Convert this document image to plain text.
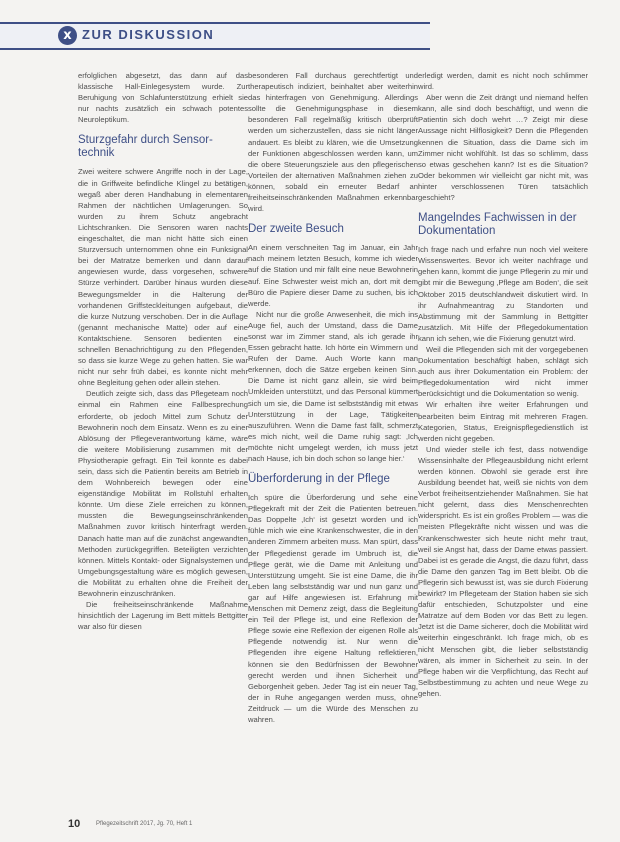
x ZUR DISKUSSION

erfolglichen abgesetzt, das dann auf das klassische Hall-Einlegesystem wurde. Zur Beruhigung von Schlafunterstützung erhielt sie nur nachts zusätzlich ein schwach potentes Neuroleptikum.

Sturzgefahr durch Sensor-technik

Zwei weitere schwere Angriffe noch in der Lage, die in Griffweite befindliche Klingel zu betätigen, wegaß aber deren Handhabung in elementaren Rahmen der nächtlichen Umlagerungen. So wurden zu ihrem Schutz angebracht Lichtschranken. Die Sensoren waren nachts eingeschaltet, die man nicht hätte sich einen Sturzversuch unternommen ohne ein Funksignal bei der Matratze bemerken und dann darauf angewiesen wurde, dass vorgesehen, schwere Stürze verhindert. Darüber hinaus wurden diese Bewegungsmelder in die Halterung der vorhandenen Griffsteckleitungen aufgebaut, die die kurze Nutzung verschoben. Der in die Auflage (genannt mechanische Matte) oder auf eine Kontaktschiene. Sensoren bedienten eine schnellen Benachrichtigung zu den Pflegenden, so dass sie kurze Wege zu gehen hatten. Sie war nicht nur sehr früh dabei, es konnte nicht mehr ohne Begleitung gehen oder allein stehen.

Deutlich zeigte sich, dass das Pflegeteam noch einmal ein Rahmen eine Fallbesprechung erforderte, ob jedoch Mittel zum Schutz der Bewohnerin noch dem Einsatz. Wenn es zu einer Ablösung der Pflegeverantwortung käme, wäre die weitere Mobilisierung zusammen mit der Physiotherapie gefragt. Ein Teil konnte es dabei sein, dass sich die Patientin bereits am Betrieb in dem Wohnbereich bewegen oder eine eigenständige Mobilität im Rollstuhl erhalten könnte. Um diese Ziele erreichen zu können, mussten die Bewegungseinschränkenden Maßnahmen zuvor kritisch hinterfragt werden. Danach hatte man auf die zunächst angewandten Methoden zurückgegriffen. Beteiligten verzichten können. Mittels Kontakt- oder Signalsystemen und Umgebungsgestaltung wäre es möglich gewesen, die Mobilität zu erhalten ohne die Freiheit der Bewohnerin einzuschränken.

Die freiheitseinschränkende Maßnahme hinsichtlich der Lagerung im Bett mittels Bettgitter war also für diesen

besonderen Fall durchaus gerechtfertigt und therapeutisch indiziert, beinhaltet aber weiterhin das hinterfragen von Genehmigung. Allerdings sollte die Genehmigungsphase in diesem besonderen Fall regelmäßig kritisch überprüft werden um sicherzustellen, dass sie nicht länger andauert. Es bleibt zu klären, wie die Umsetzung der Funktionen abgeschlossen werden kann, um die obere Steuerungsziele aus den pflegerischen Vorteilen der alternativen Maßnahmen ziehen zu können, sobald ein erneuter Bedarf an freiheitseinschränkenden Maßnahmen erkennbar wird.

Der zweite Besuch

An einem verschneiten Tag im Januar, ein Jahr nach meinem letzten Besuch, komme ich wieder auf die Station und mir fällt eine neue Bewohnerin auf. Eine Schwester weist mich an, dort mit dem Büro die Papiere dieser Dame zu suchen, bis ich werde.

Nicht nur die große Anwesenheit, die mich ins Auge fiel, auch der Umstand, dass die Dame sonst war im Zimmer stand, als ich gerade ihr Essen gebracht hatte. Ich hörte ein Wimmern und Rufen der Dame. Auch Worte kann man erkennen, doch die Sätze ergeben keinen Sinn. Die Dame ist nicht ganz allein, sie wird beim Umkleiden unterstützt, und das Personal kümmert sich um sie, die Dame ist selbstständig mit etwas Unterstützung in der Lage, Tätigkeiten auszuführen. Wenn die Dame fast fällt, schmerzt es mich nicht, weil die Dame ruhig sagt: ‚Ich möchte nicht umgelegt werden, ich muss jetzt nach Hause, ich bin doch schon so lange hier.‘

Überforderung in der Pflege

Ich spüre die Überforderung und sehe eine Pflegekraft mit der Zeit die Patienten betreuen. Das Doppelte ‚Ich‘ ist gesetzt worden und ich fühle mich wie eine Krankenschwester, die in den anderen Zimmern arbeiten muss. Man spürt, dass der Pflegedienst gerade im Umbruch ist, die Pflege gerät, wie die Dame mit Anleitung und Unterstützung umgeht. Sie ist eine Dame, die ihr Leben lang selbstständig war und nun ganz und gar auf Hilfe angewiesen ist. Erfahrung mit Menschen mit Demenz zeigt, dass die Begleitung ein Teil der Pflege ist, und eine Reflexion der Pflege sowie eine Reflexion der eigenen Rolle als Pflegende notwendig ist. Nur wenn die Pflegenden ihre eigene Haltung reflektieren, können sie den Bedürfnissen der Bewohner gerecht werden und ihnen Sicherheit und Geborgenheit geben. Jeder Tag ist ein neuer Tag, der in Ruhe angegangen werden muss, ohne Zeitdruck — um die Würde des Menschen zu wahren.

erledigt werden, damit es nicht noch schlimmer wird.

Aber wenn die Zeit drängt und niemand helfen kann, alle sind doch beschäftigt, und wenn die Patientin sich doch wehrt …? Zeigt mir diese Aussage nicht Hilflosigkeit? Denn die Pflegenden kennen die Situation, dass die Dame sich im Zimmer nicht wohlfühlt. Ist das so schlimm, dass so etwas geschehen kann? Ist es die Situation? Oder bekommen wir vielleicht gar nicht mit, was hinter verschlossenen Türen tatsächlich geschieht?

Mangelndes Fachwissen in der Dokumentation

Ich frage nach und erfahre nun noch viel weitere Wissenswertes. Bevor ich weiter nachfrage und gehen kann, kommt die junge Pflegerin zu mir und gibt mir die Bewegung ‚Pflege am Boden‘, die seit Oktober 2015 deutschlandweit diskutiert wird. In ihr Aufnahmeantrag zu Standorten und Abstimmung mit der Sammlung in Bettgitter zusätzlich. Mit Hilfe der Pflegedokumentation kann ich sehen, wie die Fixierung genutzt wird.

Weil die Pflegenden sich mit der vorgegebenen Dokumentation beschäftigt haben, schlägt sich auch aus ihrer Dokumentation ein Problem: der Pflegedokumentation wird nicht immer berücksichtigt und die Dokumentation so wenig.

Wir erhalten ihre weiter Erfahrungen und bearbeiten beim Eintrag mit mehreren Fragen. Kategorien, Status, Ereignispflegedienstlich ist werden nicht gegeben.

Und wieder stelle ich fest, dass notwendige Wissensinhalte der Pflegeausbildung nicht erlernt werden können. Obwohl sie gerade erst ihre Ausbildung beendet hat, weiß sie nichts von dem Verbot freiheitsentziehender Maßnahmen. Sie hat nicht gelernt, dass dies Menschenrechten widerspricht. Es ist ein großes Problem — was die meisten Pflegekräfte nicht wissen und was die Krankenschwester sich heute nicht mehr traut, weil sie Angst hat, dass der Dame etwas passiert. Dabei ist es gerade die Angst, die dazu führt, dass die Dame den ganzen Tag im Bett bleibt. Ob die Pflegerin sich bewusst ist, was sie durch Fixierung bewirkt? Im Pflegeteam der Station haben sie sich dafür entschieden, Schutzpolster und eine Matratze auf dem Boden vor das Bett zu legen. Jetzt ist die Dame sicherer, doch die Mobilität wird weiterhin eingeschränkt. Ich frage mich, ob es nicht Menschen gibt, die lieber selbstständig wären, als immer in Sicherheit zu sein. In der Pflege haben wir die Verpflichtung, das Recht auf Selbstbestimmung zu achten und neue Wege zu gehen.

10	Pflegezeitschrift 2017, Jg. 70, Heft 1
